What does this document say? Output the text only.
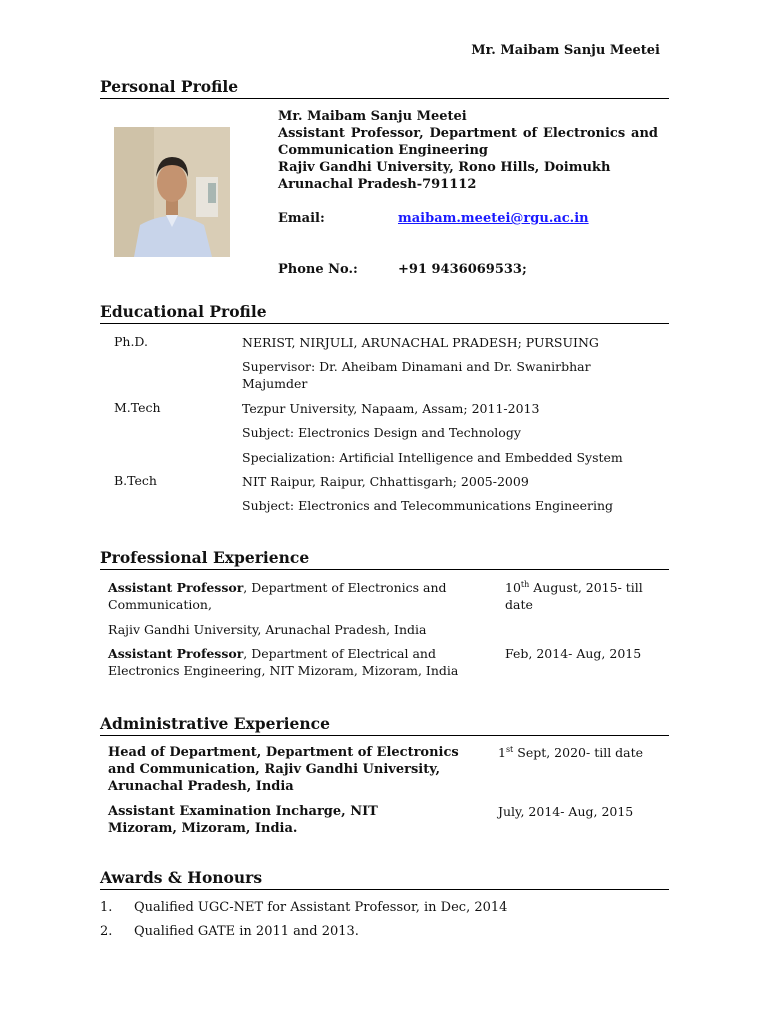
Mr. Maibam Sanju Meetei
Personal Profile
Mr. Maibam Sanju Meetei
Assistant Professor, Department of Electronics and
Communication Engineering
Rajiv Gandhi University, Rono Hills, Doimukh
Arunachal Pradesh-791112
Email:	maibam.meetei@rgu.ac.in
Phone No.:	+91 9436069533;
Educational Profile
Ph.D.	NERIST, NIRJULI, ARUNACHAL PRADESH; PURSUING
Supervisor: Dr. Aheibam Dinamani and Dr. Swanirbhar Majumder
M.Tech	Tezpur University, Napaam, Assam; 2011-2013
Subject: Electronics Design and Technology
Specialization: Artificial Intelligence and Embedded System
B.Tech	NIT Raipur, Raipur, Chhattisgarh; 2005-2009
Subject: Electronics and Telecommunications Engineering
Professional Experience
Assistant Professor, Department of Electronics and Communication,
10th August, 2015- till date
Rajiv Gandhi University, Arunachal Pradesh, India
Assistant Professor, Department of Electrical and Electronics Engineering, NIT Mizoram, Mizoram, India
Feb, 2014- Aug, 2015
Administrative Experience
Head of Department, Department of Electronics and Communication, Rajiv Gandhi University, Arunachal Pradesh, India
1st Sept, 2020- till date
Assistant Examination Incharge, NIT Mizoram, Mizoram, India.
July, 2014- Aug, 2015
Awards & Honours
1. Qualified UGC-NET for Assistant Professor, in Dec, 2014
2. Qualified GATE in 2011 and 2013.
